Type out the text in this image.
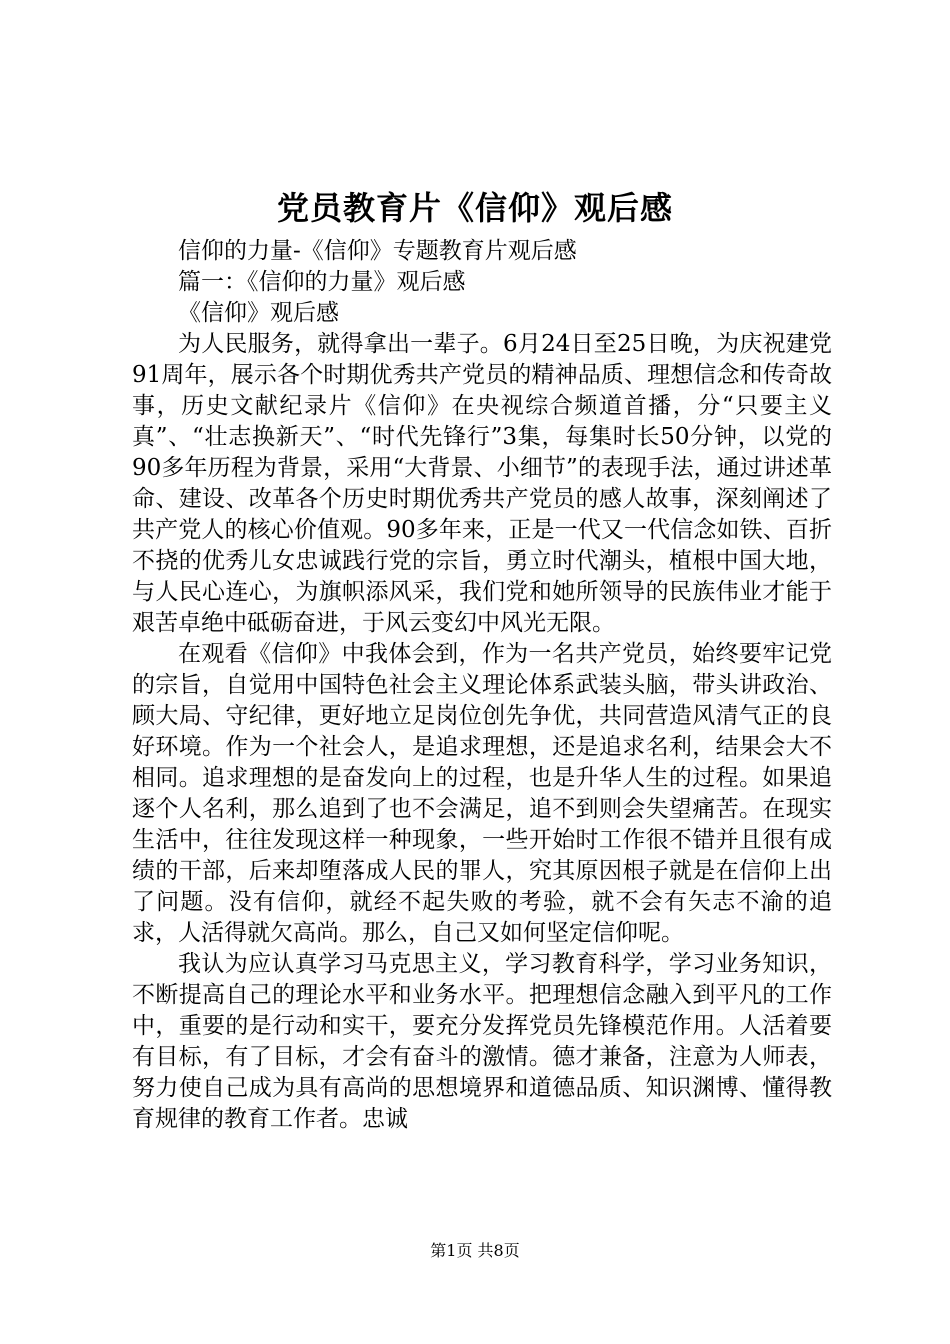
党员教育片《信仰》观后感

信仰的力量-《信仰》专题教育片观后感

篇一：《信仰的力量》观后感

《信仰》观后感

为人民服务，就得拿出一辈子。6月24日至25日晚，为庆祝建党91周年，展示各个时期优秀共产党员的精神品质、理想信念和传奇故事，历史文献纪录片《信仰》在央视综合频道首播，分“只要主义真”、“壮志换新天”、“时代先锋行”3集，每集时长50分钟，以党的90多年历程为背景，采用“大背景、小细节”的表现手法，通过讲述革命、建设、改革各个历史时期优秀共产党员的感人故事，深刻阐述了共产党人的核心价值观。90多年来，正是一代又一代信念如铁、百折不挠的优秀儿女忠诚践行党的宗旨，勇立时代潮头，植根中国大地，与人民心连心，为旗帜添风采，我们党和她所领导的民族伟业才能于艰苦卓绝中砥砺奋进，于风云变幻中风光无限。

在观看《信仰》中我体会到，作为一名共产党员，始终要牢记党的宗旨，自觉用中国特色社会主义理论体系武装头脑，带头讲政治、顾大局、守纪律，更好地立足岗位创先争优，共同营造风清气正的良好环境。作为一个社会人，是追求理想，还是追求名利，结果会大不相同。追求理想的是奋发向上的过程，也是升华人生的过程。如果追逐个人名利，那么追到了也不会满足，追不到则会失望痛苦。在现实生活中，往往发现这样一种现象，一些开始时工作很不错并且很有成绩的干部，后来却堕落成人民的罪人，究其原因根子就是在信仰上出了问题。没有信仰，就经不起失败的考验，就不会有矢志不渝的追求，人活得就欠高尚。那么，自己又如何坚定信仰呢。

我认为应认真学习马克思主义，学习教育科学，学习业务知识，不断提高自己的理论水平和业务水平。把理想信念融入到平凡的工作中，重要的是行动和实干，要充分发挥党员先锋模范作用。人活着要有目标，有了目标，才会有奋斗的激情。德才兼备，注意为人师表，努力使自己成为具有高尚的思想境界和道德品质、知识渊博、懂得教育规律的教育工作者。忠诚

第1页 共8页
